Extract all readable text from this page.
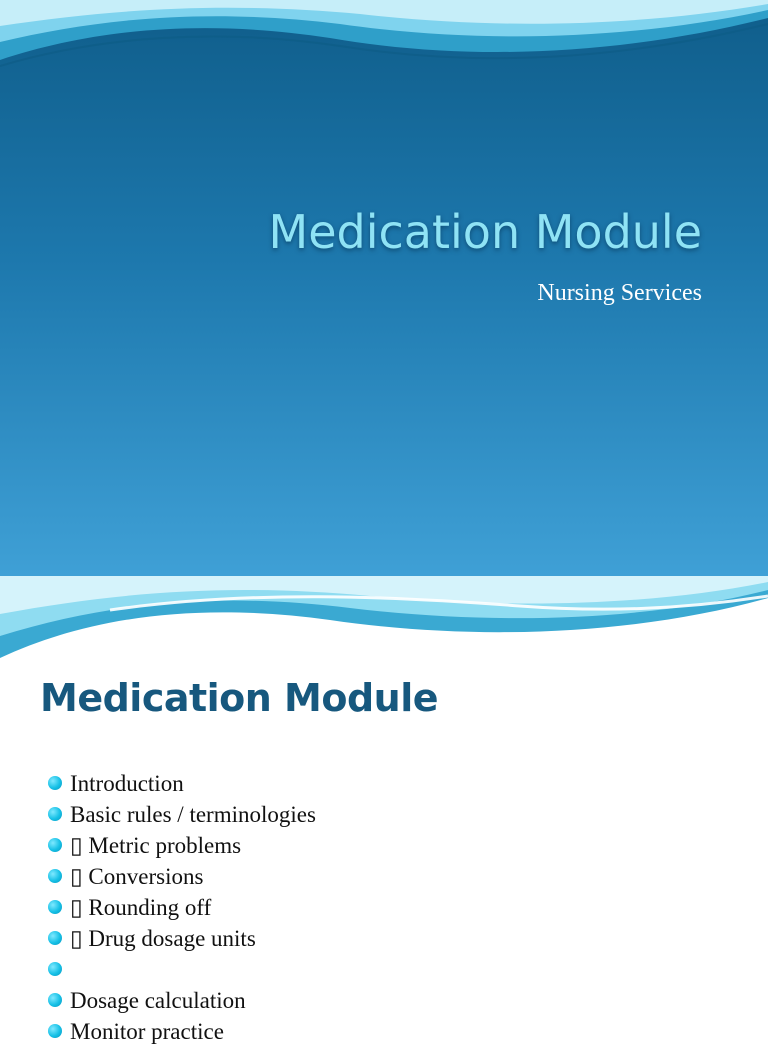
Medication Module

Nursing Services

Medication Module
Introduction
Basic rules / terminologies
▯ Metric problems
▯ Conversions
▯ Rounding off
▯ Drug dosage units
Dosage calculation
Monitor practice
